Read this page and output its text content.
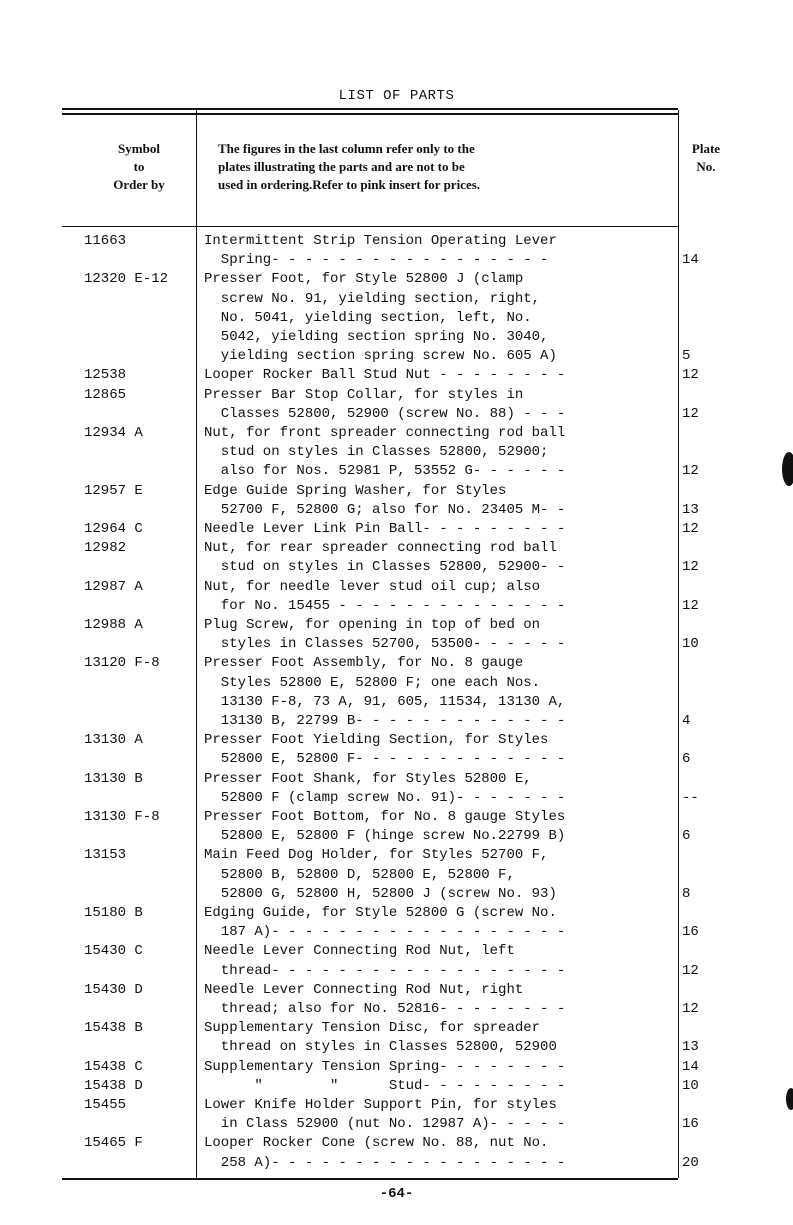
LIST OF PARTS
Symbol
to
Order by
The figures in the last column refer only to the
plates illustrating the parts and are not to be
used in ordering.Refer to pink insert for prices.
Plate
No.
11663	Intermittent Strip Tension Operating Lever
Spring- - - - - - - - - - - - - - - - -	14
12320 E-12	Presser Foot, for Style 52800 J (clamp
screw No. 91, yielding section, right,
No. 5041, yielding section, left, No.
5042, yielding section spring No. 3040,
yielding section spring screw No. 605 A)	5
12538	Looper Rocker Ball Stud Nut - - - - - - - -	12
12865	Presser Bar Stop Collar, for styles in
Classes 52800, 52900 (screw No. 88) - - -	12
12934 A	Nut, for front spreader connecting rod ball
stud on styles in Classes 52800, 52900;
also for Nos. 52981 P, 53552 G- - - - - -	12
12957 E	Edge Guide Spring Washer, for Styles
52700 F, 52800 G; also for No. 23405 M- -	13
12964 C	Needle Lever Link Pin Ball- - - - - - - - -	12
12982	Nut, for rear spreader connecting rod ball
stud on styles in Classes 52800, 52900- -	12
12987 A	Nut, for needle lever stud oil cup; also
for No. 15455 - - - - - - - - - - - - - -	12
12988 A	Plug Screw, for opening in top of bed on
styles in Classes 52700, 53500- - - - - -	10
13120 F-8	Presser Foot Assembly, for No. 8 gauge
Styles 52800 E, 52800 F; one each Nos.
13130 F-8, 73 A, 91, 605, 11534, 13130 A,
13130 B, 22799 B- - - - - - - - - - - - -	4
13130 A	Presser Foot Yielding Section, for Styles
52800 E, 52800 F- - - - - - - - - - - - -	6
13130 B	Presser Foot Shank, for Styles 52800 E,
52800 F (clamp screw No. 91)- - - - - - -	--
13130 F-8	Presser Foot Bottom, for No. 8 gauge Styles
52800 E, 52800 F (hinge screw No.22799 B)	6
13153	Main Feed Dog Holder, for Styles 52700 F,
52800 B, 52800 D, 52800 E, 52800 F,
52800 G, 52800 H, 52800 J (screw No. 93)	8
15180 B	Edging Guide, for Style 52800 G (screw No.
187 A)- - - - - - - - - - - - - - - - - -	16
15430 C	Needle Lever Connecting Rod Nut, left
thread- - - - - - - - - - - - - - - - - -	12
15430 D	Needle Lever Connecting Rod Nut, right
thread; also for No. 52816- - - - - - - -	12
15438 B	Supplementary Tension Disc, for spreader
thread on styles in Classes 52800, 52900	13
15438 C	Supplementary Tension Spring- - - - - - - -	14
15438 D	"        "      Stud- - - - - - - - -	10
15455	Lower Knife Holder Support Pin, for styles
in Class 52900 (nut No. 12987 A)- - - - -	16
15465 F	Looper Rocker Cone (screw No. 88, nut No.
258 A)- - - - - - - - - - - - - - - - - -	20
-64-
